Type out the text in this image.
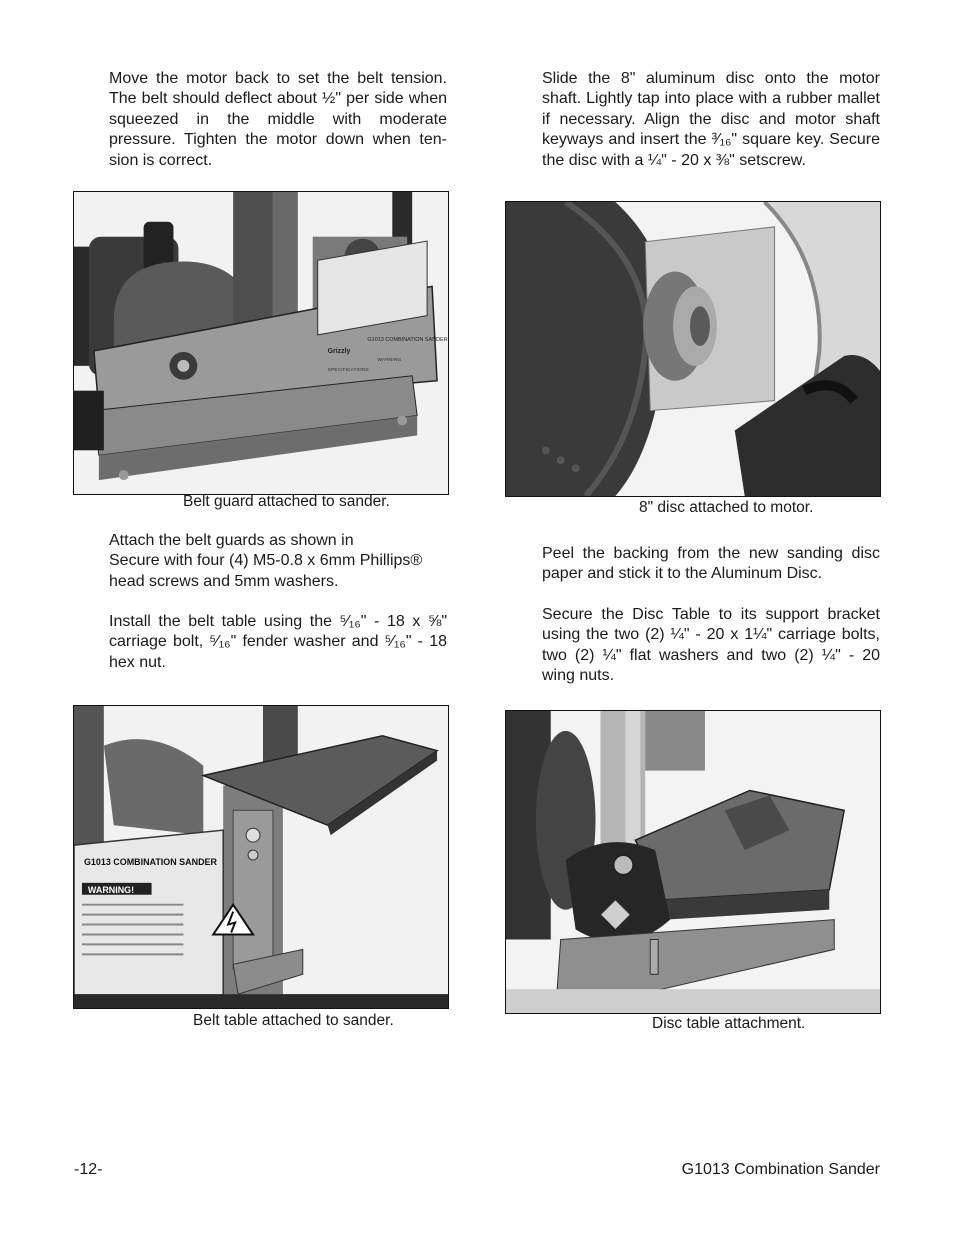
Move the motor back to set the belt tension. The belt should deflect about ½" per side when squeezed in the middle with moderate pressure. Tighten the motor down when ten- sion is correct.

Slide the 8" aluminum disc onto the motor shaft. Lightly tap into place with a rubber mallet if necessary. Align the disc and motor shaft keyways and insert the ³⁄₁₆" square key. Secure the disc with a ¼" - 20 x ⅜" setscrew.

Grizzly
G1013 COMBINATION SANDER
SPECIFICATIONS
WARNING
Belt guard attached to sander.	8" disc attached to motor.
Attach the belt guards as shown in
Secure with four (4) M5-0.8 x 6mm Phillips®
head screws and 5mm washers.

Install the belt table using the ⁵⁄₁₆" - 18 x ⅝" carriage bolt, ⁵⁄₁₆" fender washer and ⁵⁄₁₆" - 18 hex nut.

Peel the backing from the new sanding disc paper and stick it to the Aluminum Disc.

Secure the Disc Table to its support bracket using the two (2) ¼" - 20 x 1¼" carriage bolts, two (2) ¼" flat washers and two (2) ¼" - 20 wing nuts.

G1013 COMBINATION SANDER
WARNING!
Belt table attached to sander.	Disc table attachment.
-12-	G1013 Combination Sander
